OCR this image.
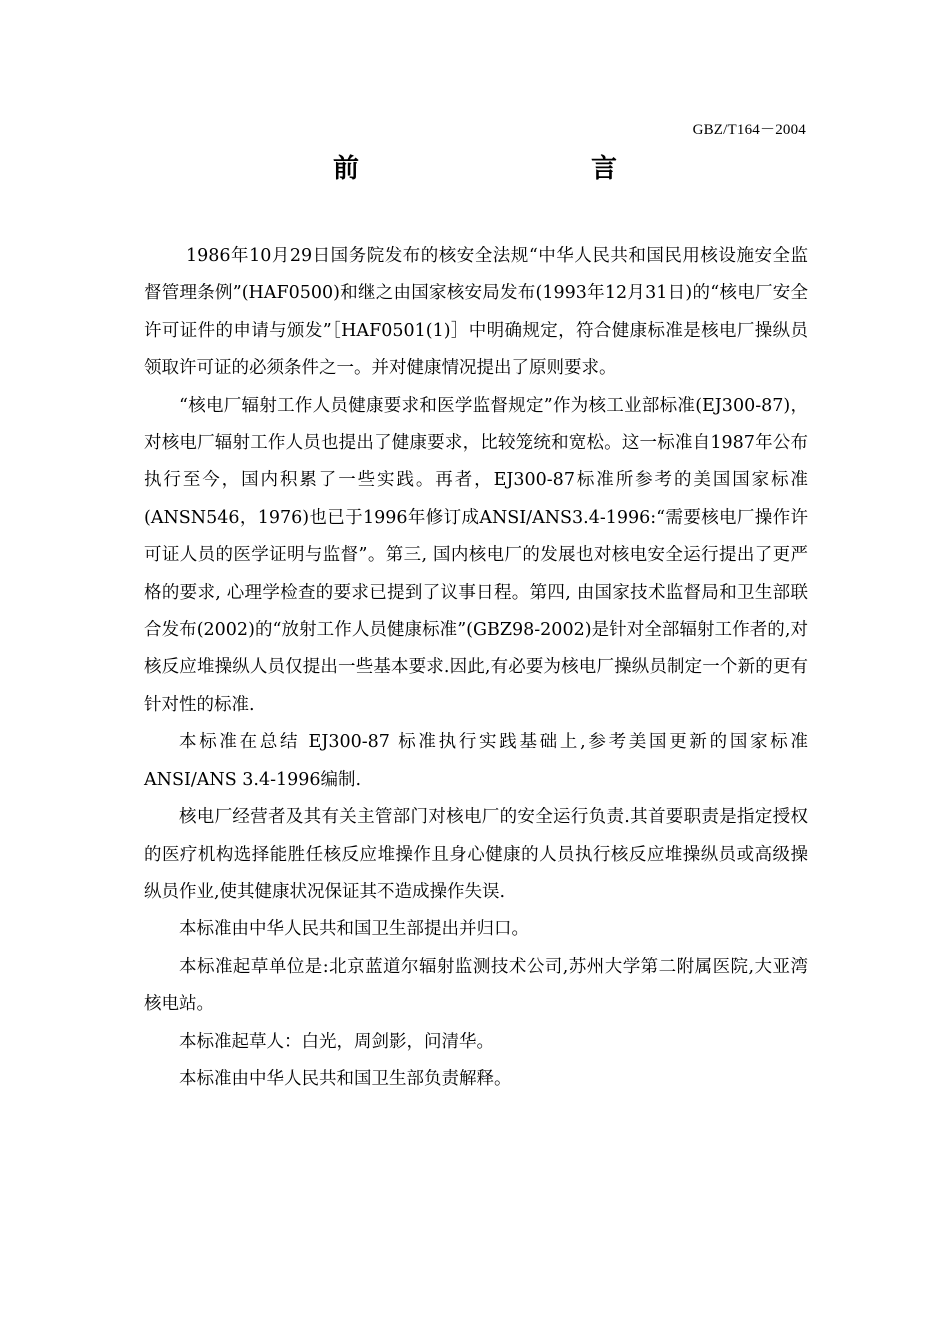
GBZ/T164－2004
前　　言

1986年10月29日国务院发布的核安全法规“中华人民共和国民用核设施安全监督管理条例”(HAF0500)和继之由国家核安局发布(1993年12月31日)的“核电厂安全许可证件的申请与颁发”［HAF0501(1)］中明确规定，符合健康标准是核电厂操纵员领取许可证的必须条件之一。并对健康情况提出了原则要求。

“核电厂辐射工作人员健康要求和医学监督规定”作为核工业部标准(EJ300-87)，对核电厂辐射工作人员也提出了健康要求，比较笼统和宽松。这一标准自1987年公布执行至今，国内积累了一些实践。再者，EJ300-87标准所参考的美国国家标准(ANSN546，1976)也已于1996年修订成ANSI/ANS3.4-1996:“需要核电厂操作许可证人员的医学证明与监督”。第三, 国内核电厂的发展也对核电安全运行提出了更严格的要求, 心理学检查的要求已提到了议事日程。第四, 由国家技术监督局和卫生部联合发布(2002)的“放射工作人员健康标准”(GBZ98-2002)是针对全部辐射工作者的,对核反应堆操纵人员仅提出一些基本要求.因此,有必要为核电厂操纵员制定一个新的更有针对性的标准.

本标准在总结 EJ300-87 标准执行实践基础上,参考美国更新的国家标准ANSI/ANS 3.4-1996编制.

核电厂经营者及其有关主管部门对核电厂的安全运行负责.其首要职责是指定授权的医疗机构选择能胜任核反应堆操作且身心健康的人员执行核反应堆操纵员或高级操纵员作业,使其健康状况保证其不造成操作失误.

本标准由中华人民共和国卫生部提出并归口。

本标准起草单位是:北京蓝道尔辐射监测技术公司,苏州大学第二附属医院,大亚湾核电站。

本标准起草人：白光，周剑影，问清华。

本标准由中华人民共和国卫生部负责解释。
